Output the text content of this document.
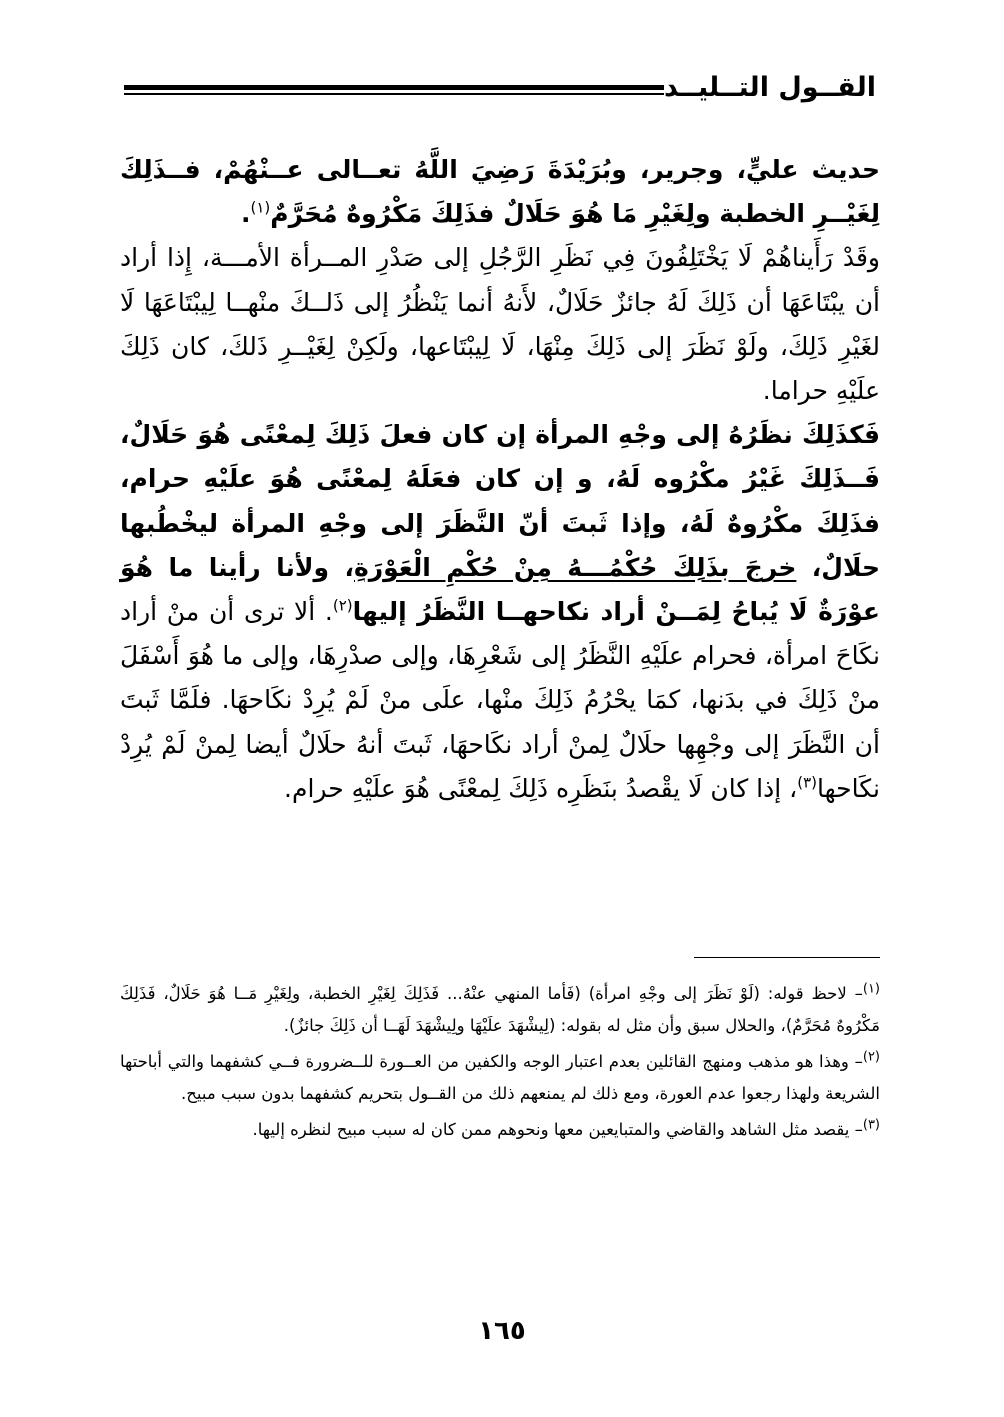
القــول التــليــد

حديث عليٍّ، وجرير، وبُرَيْدَةَ رَضِيَ اللَّهُ تعــالى عــنْهُمْ، فــذَلِكَ لِغَيْــرِ الخطبة ولِغَيْرِ مَا هُوَ حَلَالٌ فذَلِكَ مَكْرُوهٌ مُحَرَّمٌ$^{(١)}$.

وقَدْ رَأَيناهُمْ لَا يَخْتَلِفُونَ فِي نَظَرِ الرَّجُلِ إلى صَدْرِ المــرأة الأمـــة، إِذا أراد أن يبْتَاعَهَا أن ذَلِكَ لَهُ جائزٌ حَلَالٌ، لأَنهُ أنما يَنْظُرُ إلى ذَلــكَ منْهــا لِيبْتَاعَهَا لَا لغَيْرِ ذَلِكَ، ولَوْ نَظَرَ إلى ذَلِكَ مِنْهَا، لَا لِيبْتَاعها، ولَكِنْ لِغَيْــرِ ذَلكَ، كان ذَلِكَ علَيْهِ حراما.

فَكذَلِكَ نظَرُهُ إلى وجْهِ المرأة إن كان فعلَ ذَلِكَ لِمعْنًى هُوَ حَلَالٌ، فَــذَلِكَ غَيْرُ مكْرُوه لَهُ، و إن كان فعَلَهُ لِمعْنًى هُوَ علَيْهِ حرام، فذَلِكَ مكْرُوهٌ لَهُ، وإذا ثَبتَ أنّ النَّظَرَ إلى وجْهِ المرأة ليخْطُبها حلَالٌ، خرجَ بذَلِكَ حُكْمُـــهُ مِنْ حُكْمِ الْعَوْرَةِ، ولأنا رأينا ما هُوَ عوْرَةٌ لَا يُباحُ لِمَــنْ أراد نكاحهــا النَّظَرُ إليها$^{(٢)}$. ألا ترى أن منْ أراد نكَاحَ امرأة، فحرام علَيْهِ النَّظَرُ إلى شَعْرِهَا، وإلى صدْرِهَا، وإلى ما هُوَ أَسْفَلَ منْ ذَلِكَ في بدَنها، كمَا يحْرُمُ ذَلِكَ منْها، علَى منْ لَمْ يُرِدْ نكَاحهَا. فلَمَّا ثَبتَ أن النَّظَرَ إلى وجْهِها حلَالٌ لِمنْ أراد نكَاحهَا، ثَبتَ أنهُ حلَالٌ أيضا لِمنْ لَمْ يُرِدْ نكَاحها$^{(٣)}$، إذا كان لَا يقْصدُ بنَظَرِه ذَلِكَ لِمعْنًى هُوَ علَيْهِ حرام.

$^{(١)}$– لاحظ قوله: (لَوْ نَظَرَ إلى وجْهِ امرأة) (فَأما المنهي عنْهُ... فَذَلِكَ لِغَيْرِ الخطبة، ولِغَيْرِ مَــا هُوَ حَلَالٌ، فَذَلِكَ مَكْرُوهٌ مُحَرَّمٌ)، والحلال سبق وأن مثل له بقوله: (لِيشْهَدَ علَيْهَا ولِيشْهَدَ لَهَــا أن ذَلِكَ جائزٌ).

$^{(٢)}$– وهذا هو مذهب ومنهج القائلين بعدم اعتبار الوجه والكفين من العــورة للــضرورة فــي كشفهما والتي أباحتها الشريعة ولهذا رجعوا عدم العورة، ومع ذلك لم يمنعهم ذلك من القــول بتحريم كشفهما بدون سبب مبيح.

$^{(٣)}$– يقصد مثل الشاهد والقاضي والمتبايعين معها ونحوهم ممن كان له سبب مبيح لنظره إليها.

١٦٥
